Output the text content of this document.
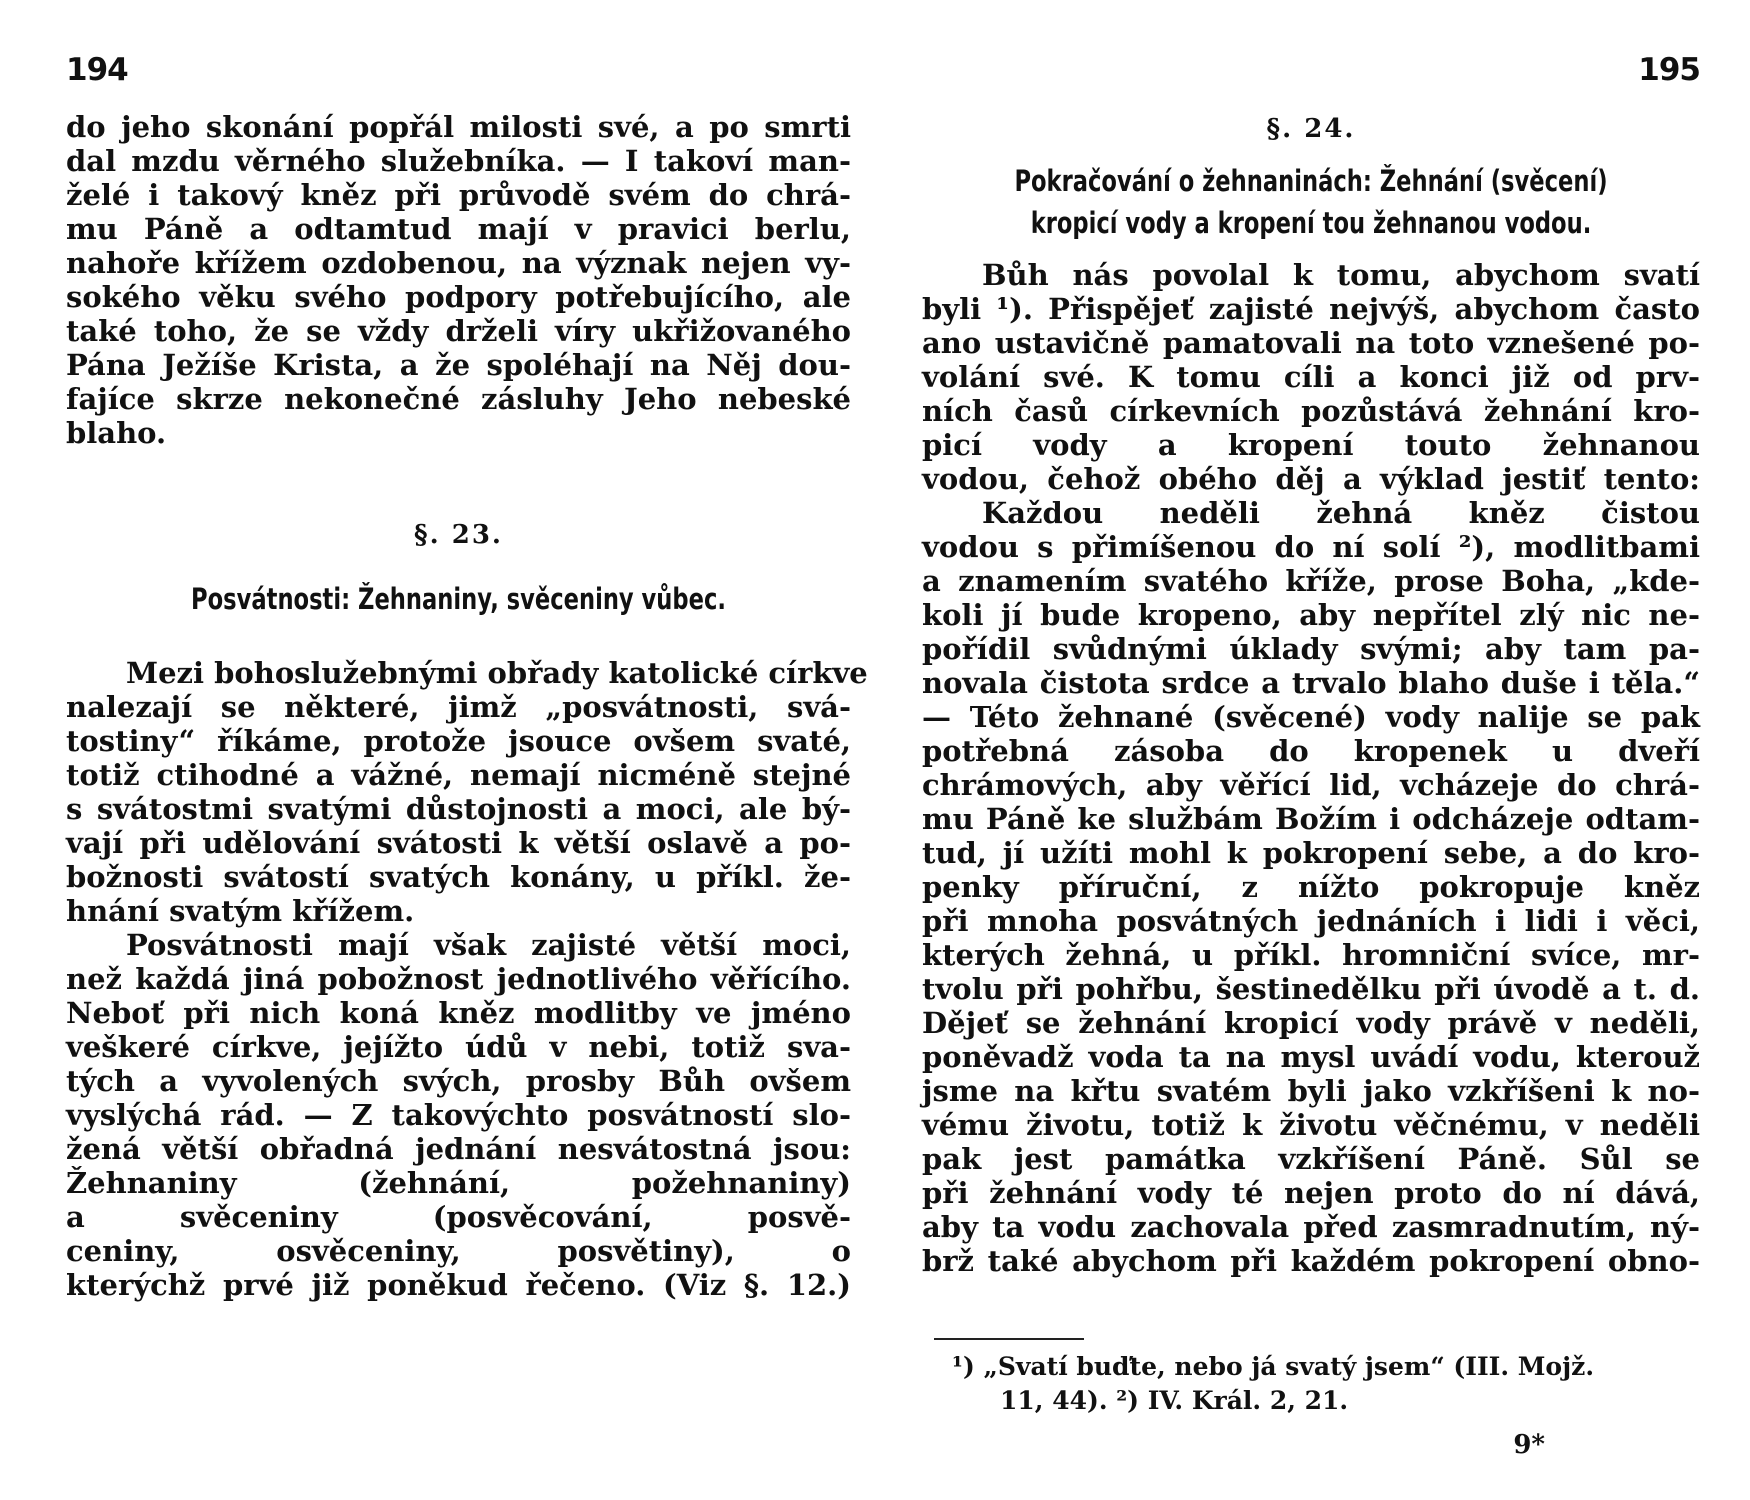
194
do jeho skonání popřál milosti své, a po smrti
dal mzdu věrného služebníka. — I takoví man-
želé i takový kněz při průvodě svém do chrá-
mu Páně a odtamtud mají v pravici berlu,
nahoře křížem ozdobenou, na význak nejen vy-
sokého věku svého podpory potřebujícího, ale
také toho, že se vždy drželi víry ukřižovaného
Pána Ježíše Krista, a že spoléhají na Něj dou-
fajíce skrze nekonečné zásluhy Jeho nebeské
blaho.
§. 23.
Posvátnosti: Žehnaniny, svěceniny vůbec.
Mezi bohoslužebnými obřady katolické církve
nalezají se některé, jimž „posvátnosti, svá-
tostiny“ říkáme, protože jsouce ovšem svaté,
totiž ctihodné a vážné, nemají nicméně stejné
s svátostmi svatými důstojnosti a moci, ale bý-
vají při udělování svátosti k větší oslavě a po-
božnosti svátostí svatých konány, u příkl. že-
hnání svatým křížem.
Posvátnosti mají však zajisté větší moci,
než každá jiná pobožnost jednotlivého věřícího.
Neboť při nich koná kněz modlitby ve jméno
veškeré církve, jejížto údů v nebi, totiž sva-
tých a vyvolených svých, prosby Bůh ovšem
vyslýchá rád. — Z takovýchto posvátností slo-
žená větší obřadná jednání nesvátostná jsou:
Žehnaniny (žehnání, požehnaniny)
a svěceniny (posvěcování, posvě-
ceniny, osvěceniny, posvětiny), o
kterýchž prvé již poněkud řečeno. (Viz §. 12.)
195
§. 24.
Pokračování o žehnaninách: Žehnání (svěcení)
kropicí vody a kropení tou žehnanou vodou.
Bůh nás povolal k tomu, abychom svatí
byli ¹). Přispějeť zajisté nejvýš, abychom často
ano ustavičně pamatovali na toto vznešené po-
volání své. K tomu cíli a konci již od prv-
ních časů církevních pozůstává žehnání kro-
picí vody a kropení touto žehnanou
vodou, čehož obého děj a výklad jestiť tento:
Každou neděli žehná kněz čistou
vodou s přimíšenou do ní solí ²), modlitbami
a znamením svatého kříže, prose Boha, „kde-
koli jí bude kropeno, aby nepřítel zlý nic ne-
pořídil svůdnými úklady svými; aby tam pa-
novala čistota srdce a trvalo blaho duše i těla.“
— Této žehnané (svěcené) vody nalije se pak
potřebná zásoba do kropenek u dveří
chrámových, aby věřící lid, vcházeje do chrá-
mu Páně ke službám Božím i odcházeje odtam-
tud, jí užíti mohl k pokropení sebe, a do kro-
penky příruční, z nížto pokropuje kněz
při mnoha posvátných jednáních i lidi i věci,
kterých žehná, u příkl. hromniční svíce, mr-
tvolu při pohřbu, šestinedělku při úvodě a t. d.
Dějeť se žehnání kropicí vody právě v neděli,
poněvadž voda ta na mysl uvádí vodu, kterouž
jsme na křtu svatém byli jako vzkříšeni k no-
vému životu, totiž k životu věčnému, v neděli
pak jest památka vzkříšení Páně. Sůl se
při žehnání vody té nejen proto do ní dává,
aby ta vodu zachovala před zasmradnutím, ný-
brž také abychom při každém pokropení obno-
¹) „Svatí buďte, nebo já svatý jsem“ (III. Mojž.
11, 44). ²) IV. Král. 2, 21.
9*
